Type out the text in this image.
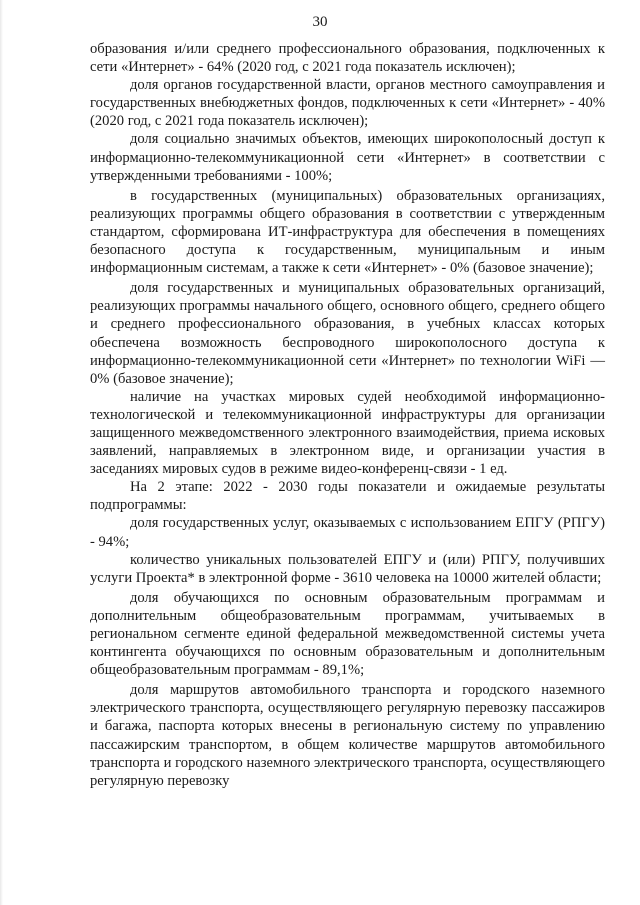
30

образования и/или среднего профессионального образования, подключенных к сети «Интернет» - 64% (2020 год, с 2021 года показатель исключен);

доля органов государственной власти, органов местного самоуправления и государственных внебюджетных фондов, подключенных к сети «Интернет» - 40% (2020 год, с 2021 года показатель исключен);

доля социально значимых объектов, имеющих широкополосный доступ к информационно-телекоммуникационной сети «Интернет» в соответствии с утвержденными требованиями - 100%;

в государственных (муниципальных) образовательных организациях, реализующих программы общего образования в соответствии с утвержденным стандартом, сформирована ИТ-инфраструктура для обеспечения в помещениях безопасного доступа к государственным, муниципальным и иным информационным системам, а также к сети «Интернет» - 0% (базовое значение);

доля государственных и муниципальных образовательных организаций, реализующих программы начального общего, основного общего, среднего общего и среднего профессионального образования, в учебных классах которых обеспечена возможность беспроводного широкополосного доступа к информационно-телекоммуникационной сети «Интернет» по технологии WiFi — 0% (базовое значение);

наличие на участках мировых судей необходимой информационно-технологической и телекоммуникационной инфраструктуры для организации защищенного межведомственного электронного взаимодействия, приема исковых заявлений, направляемых в электронном виде, и организации участия в заседаниях мировых судов в режиме видео-конференц-связи - 1 ед.

На 2 этапе: 2022 - 2030 годы показатели и ожидаемые результаты подпрограммы:

доля государственных услуг, оказываемых с использованием ЕПГУ (РПГУ) - 94%;

количество уникальных пользователей ЕПГУ и (или) РПГУ, получивших услуги Проекта* в электронной форме - 3610 человека на 10000 жителей области;

доля обучающихся по основным образовательным программам и дополнительным общеобразовательным программам, учитываемых в региональном сегменте единой федеральной межведомственной системы учета контингента обучающихся по основным образовательным и дополнительным общеобразовательным программам - 89,1%;

доля маршрутов автомобильного транспорта и городского наземного электрического транспорта, осуществляющего регулярную перевозку пассажиров и багажа, паспорта которых внесены в региональную систему по управлению пассажирским транспортом, в общем количестве маршрутов автомобильного транспорта и городского наземного электрического транспорта, осуществляющего регулярную перевозку
